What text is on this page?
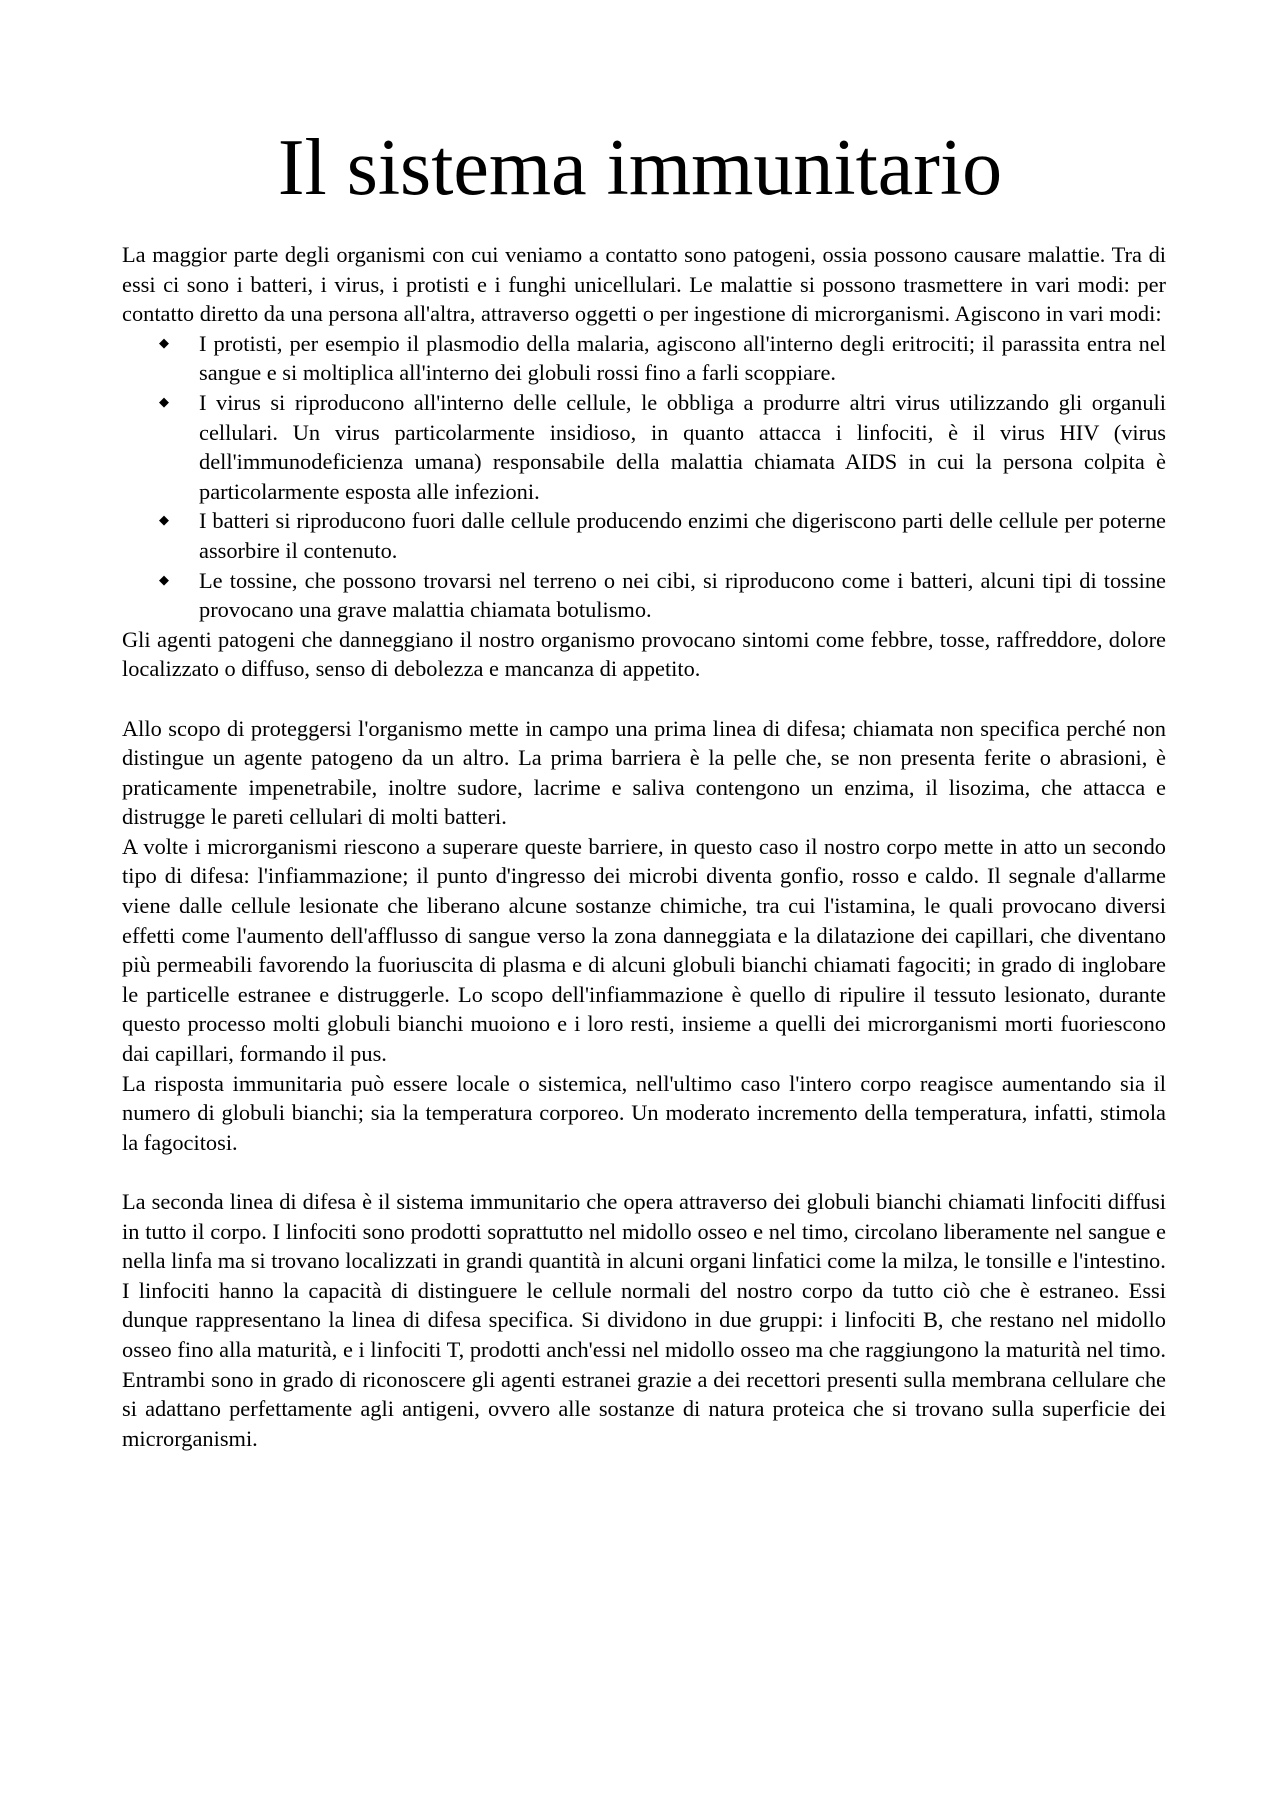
Il sistema immunitario

La maggior parte degli organismi con cui veniamo a contatto sono patogeni, ossia possono causare malattie. Tra di essi ci sono i batteri, i virus, i protisti e i funghi unicellulari. Le malattie si possono trasmettere in vari modi: per contatto diretto da una persona all'altra, attraverso oggetti o per ingestione di microrganismi. Agiscono in vari modi:

◆ I protisti, per esempio il plasmodio della malaria, agiscono all'interno degli eritrociti; il parassita entra nel sangue e si moltiplica all'interno dei globuli rossi fino a farli scoppiare.
◆ I virus si riproducono all'interno delle cellule, le obbliga a produrre altri virus utilizzando gli organuli cellulari. Un virus particolarmente insidioso, in quanto attacca i linfociti, è il virus HIV (virus dell'immunodeficienza umana) responsabile della malattia chiamata AIDS in cui la persona colpita è particolarmente esposta alle infezioni.
◆ I batteri si riproducono fuori dalle cellule producendo enzimi che digeriscono parti delle cellule per poterne assorbire il contenuto.
◆ Le tossine, che possono trovarsi nel terreno o nei cibi, si riproducono come i batteri, alcuni tipi di tossine provocano una grave malattia chiamata botulismo.

Gli agenti patogeni che danneggiano il nostro organismo provocano sintomi come febbre, tosse, raffreddore, dolore localizzato o diffuso, senso di debolezza e mancanza di appetito.

Allo scopo di proteggersi l'organismo mette in campo una prima linea di difesa; chiamata non specifica perché non distingue un agente patogeno da un altro. La prima barriera è la pelle che, se non presenta ferite o abrasioni, è praticamente impenetrabile, inoltre sudore, lacrime e saliva contengono un enzima, il lisozima, che attacca e distrugge le pareti cellulari di molti batteri.

A volte i microrganismi riescono a superare queste barriere, in questo caso il nostro corpo mette in atto un secondo tipo di difesa: l'infiammazione; il punto d'ingresso dei microbi diventa gonfio, rosso e caldo. Il segnale d'allarme viene dalle cellule lesionate che liberano alcune sostanze chimiche, tra cui l'istamina, le quali provocano diversi effetti come l'aumento dell'afflusso di sangue verso la zona danneggiata e la dilatazione dei capillari, che diventano più permeabili favorendo la fuoriuscita di plasma e di alcuni globuli bianchi chiamati fagociti; in grado di inglobare le particelle estranee e distruggerle. Lo scopo dell'infiammazione è quello di ripulire il tessuto lesionato, durante questo processo molti globuli bianchi muoiono e i loro resti, insieme a quelli dei microrganismi morti fuoriescono dai capillari, formando il pus.

La risposta immunitaria può essere locale o sistemica, nell'ultimo caso l'intero corpo reagisce aumentando sia il numero di globuli bianchi; sia la temperatura corporeo. Un moderato incremento della temperatura, infatti, stimola la fagocitosi.

La seconda linea di difesa è il sistema immunitario che opera attraverso dei globuli bianchi chiamati linfociti diffusi in tutto il corpo. I linfociti sono prodotti soprattutto nel midollo osseo e nel timo, circolano liberamente nel sangue e nella linfa ma si trovano localizzati in grandi quantità in alcuni organi linfatici come la milza, le tonsille e l'intestino.

I linfociti hanno la capacità di distinguere le cellule normali del nostro corpo da tutto ciò che è estraneo. Essi dunque rappresentano la linea di difesa specifica. Si dividono in due gruppi: i linfociti B, che restano nel midollo osseo fino alla maturità, e i linfociti T, prodotti anch'essi nel midollo osseo ma che raggiungono la maturità nel timo. Entrambi sono in grado di riconoscere gli agenti estranei grazie a dei recettori presenti sulla membrana cellulare che si adattano perfettamente agli antigeni, ovvero alle sostanze di natura proteica che si trovano sulla superficie dei microrganismi.
